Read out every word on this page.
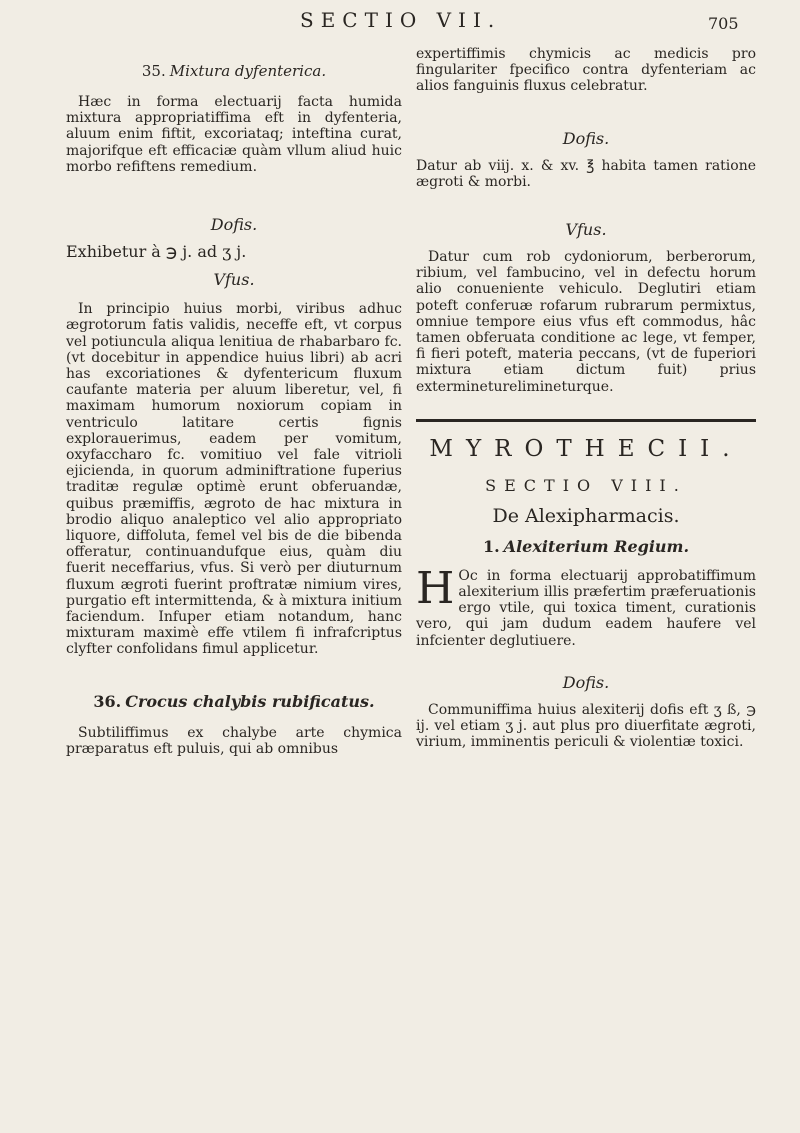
SECTIO VII.	705

35. Mixtura dyfenterica.

Hæc in forma electuarij facta humida mixtura appropriatiffima eft in dyfenteria, aluum enim fiftit, excoriataq; inteftina curat, majorifque eft efficaciæ quàm vllum aliud huic morbo refiftens remedium.

Dofis.

Exhibetur à ℈ j. ad ʒ j.

Vfus.

In principio huius morbi, viribus adhuc ægrotorum fatis validis, neceffe eft, vt corpus vel potiuncula aliqua lenitiua de rhabarbaro fc. (vt docebitur in appendice huius libri) ab acri has excoriationes & dyfentericum fluxum caufante materia per aluum liberetur, vel, fi maximam humorum noxiorum copiam in ventriculo latitare certis fignis explorauerimus, eadem per vomitum, oxyfaccharo fc. vomitiuo vel fale vitrioli ejicienda, in quorum adminiftratione fuperius traditæ regulæ optimè erunt obferuandæ, quibus præmiffis, ægroto de hac mixtura in brodio aliquo analeptico vel alio appropriato liquore, diffoluta, femel vel bis de die bibenda offeratur, continuandufque eius, quàm diu fuerit neceffarius, vfus. Si verò per diuturnum fluxum ægroti fuerint proftratæ nimium vires, purgatio eft intermittenda, & à mixtura initium faciendum. Infuper etiam notandum, hanc mixturam maximè effe vtilem fi infrafcriptus clyfter confolidans fimul applicetur.

36. Crocus chalybis rubificatus.

Subtiliffimus ex chalybe arte chymica præparatus eft puluis, qui ab omnibus

expertiffimis chymicis ac medicis pro fingulariter fpecifico contra dyfenteriam ac alios fanguinis fluxus celebratur.

Dofis.

Datur ab viij. x. & xv. ℥ habita tamen ratione ægroti & morbi.

Vfus.

Datur cum rob cydoniorum, berberorum, ribium, vel fambucino, vel in defectu horum alio conueniente vehiculo. Deglutiri etiam poteft conferuæ rofarum rubrarum permixtus, omniue tempore eius vfus eft commodus, hâc tamen obferuata conditione ac lege, vt femper, fi fieri poteft, materia peccans, (vt de fuperiori mixtura etiam dictum fuit) prius extermineturelimineturque.

MYROTHECII.

SECTIO VIII.

De Alexipharmacis.

1. Alexiterium Regium.

H Oc in forma electuarij approbatiffimum alexiterium illis præfertim præferuationis ergo vtile, qui toxica timent, curationis vero, qui jam dudum eadem haufere vel infcienter deglutiuere.

Dofis.

Communiffima huius alexiterij dofis eft ʒ ß, ℈ ij. vel etiam ʒ j. aut plus pro diuerfitate ægroti, virium, imminentis periculi & violentiæ toxici.
